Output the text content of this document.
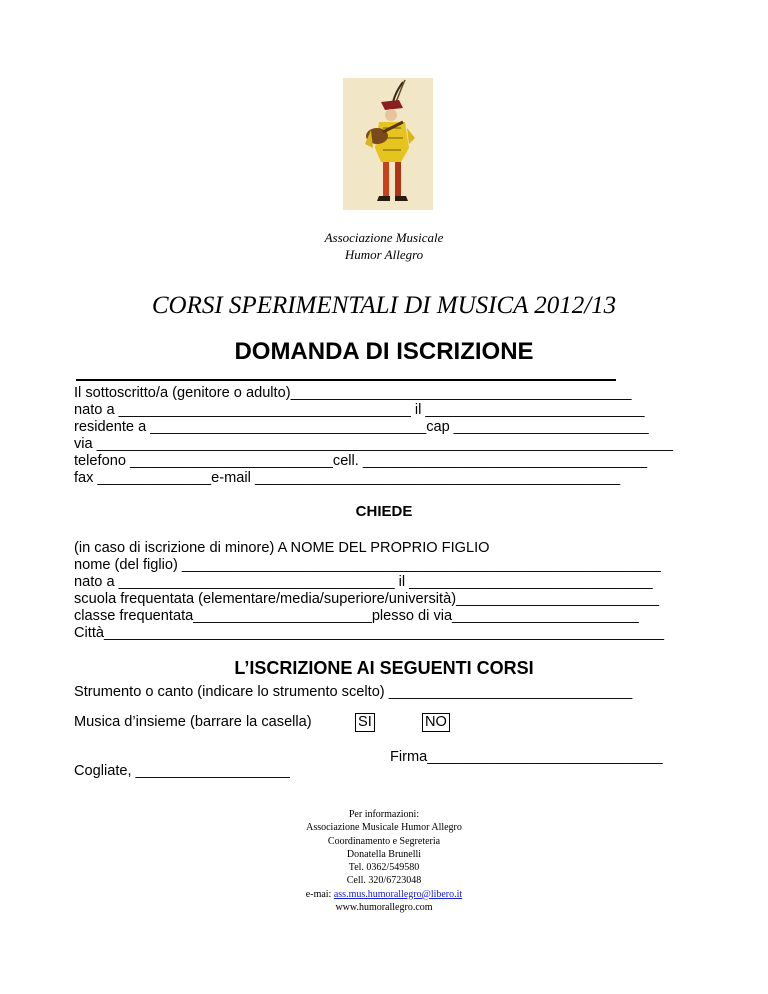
Associazione Musicale
Humor Allegro
CORSI SPERIMENTALI DI MUSICA 2012/13
DOMANDA DI ISCRIZIONE
Il sottoscritto/a (genitore o adulto)__________________________________________
nato a ____________________________________ il ___________________________
residente a __________________________________cap ________________________
via _______________________________________________________________________
telefono _________________________cell. ___________________________________
fax ______________e-mail _____________________________________________
CHIEDE
(in caso di iscrizione di minore) A NOME DEL PROPRIO FIGLIO
nome (del figlio) ___________________________________________________________
nato a __________________________________ il ______________________________
scuola frequentata (elementare/media/superiore/università)_________________________
classe frequentata______________________plesso di via_______________________
Città_____________________________________________________________________
L’ISCRIZIONE AI SEGUENTI CORSI
Strumento o canto (indicare lo strumento scelto) ______________________________
Musica d’insieme (barrare la casella)	SI	NO
Firma_____________________________
Cogliate, ___________________
Per informazioni:
Associazione Musicale Humor Allegro
Coordinamento e Segreteria
Donatella Brunelli
Tel. 0362/549580
Cell. 320/6723048
e-mai: ass.mus.humorallegro@libero.it
www.humorallegro.com
